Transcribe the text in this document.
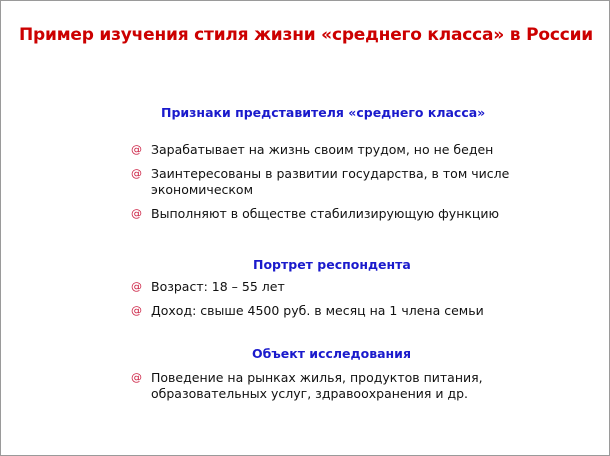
Пример изучения стиля жизни «среднего класса» в России
Признаки представителя «среднего класса»
@ Зарабатывает на жизнь своим трудом, но не беден
@ Заинтересованы в развитии государства, в том числе экономическом
@ Выполняют в обществе стабилизирующую функцию
Портрет респондента
@ Возраст: 18 – 55 лет
@ Доход: свыше 4500 руб. в месяц на 1 члена семьи
Объект исследования
@ Поведение на рынках жилья, продуктов питания, образовательных услуг, здравоохранения и др.
